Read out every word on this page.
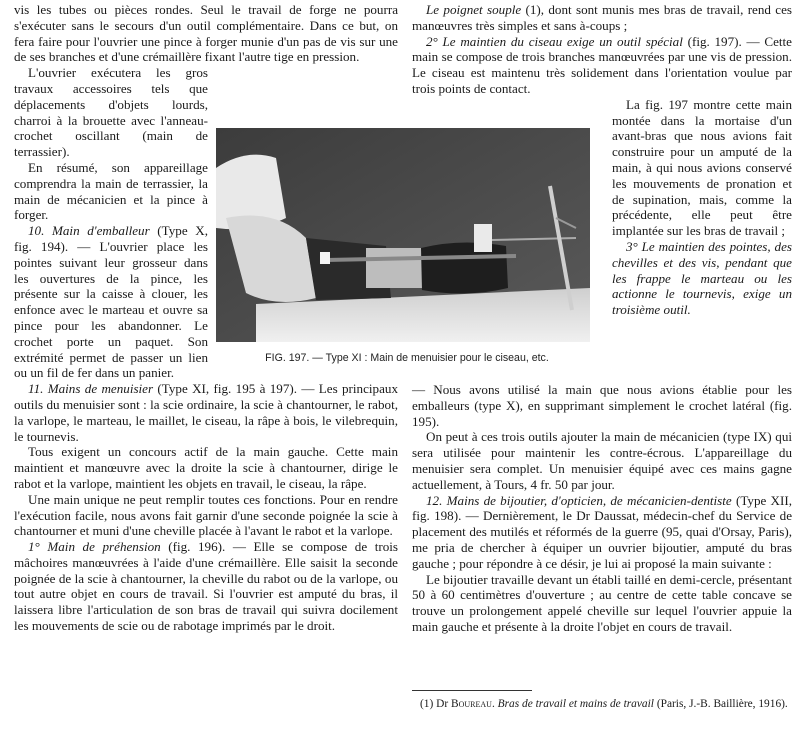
vis les tubes ou pièces rondes. Seul le travail de forge ne pourra s'exécuter sans le secours d'un outil complémentaire. Dans ce but, on fera faire pour l'ouvrier une pince à forger munie d'un pas de vis sur une de ses branches et d'une crémaillère fixant l'autre tige en pression.

L'ouvrier exécutera les gros travaux accessoires tels que déplacements d'objets lourds, charroi à la brouette avec l'anneau-crochet oscillant (main de terrassier).

En résumé, son appareillage comprendra la main de terrassier, la main de mécanicien et la pince à forger.

10. Main d'emballeur (Type X, fig. 194). — L'ouvrier place les pointes suivant leur grosseur dans les ouvertures de la pince, les présente sur la caisse à clouer, les enfonce avec le marteau et ouvre sa pince pour les abandonner. Le crochet porte un paquet. Son extrémité permet de passer un lien ou un fil de fer dans un panier.

11. Mains de menuisier (Type XI, fig. 195 à 197). — Les principaux outils du menuisier sont : la scie ordinaire, la scie à chantourner, le rabot, la varlope, le marteau, le maillet, le ciseau, la râpe à bois, le vilebrequin, le tournevis.

Tous exigent un concours actif de la main gauche. Cette main maintient et manœuvre avec la droite la scie à chantourner, dirige le rabot et la varlope, maintient les objets en travail, le ciseau, la râpe.

Une main unique ne peut remplir toutes ces fonctions. Pour en rendre l'exécution facile, nous avons fait garnir d'une seconde poignée la scie à chantourner et muni d'une cheville placée à l'avant le rabot et la varlope.

1° Main de préhension (fig. 196). — Elle se compose de trois mâchoires manœuvrées à l'aide d'une crémaillère. Elle saisit la seconde poignée de la scie à chantourner, la cheville du rabot ou de la varlope, ou tout autre objet en cours de travail. Si l'ouvrier est amputé du bras, il laissera libre l'articulation de son bras de travail qui suivra docilement les mouvements de scie ou de rabotage imprimés par le droit.

Le poignet souple (1), dont sont munis mes bras de travail, rend ces manœuvres très simples et sans à-coups ;

2° Le maintien du ciseau exige un outil spécial (fig. 197). — Cette main se compose de trois branches manœuvrées par une vis de pression. Le ciseau est maintenu très solidement dans l'orientation voulue par trois points de contact.

La fig. 197 montre cette main montée dans la mortaise d'un avant-bras que nous avions fait construire pour un amputé de la main, à qui nous avions conservé les mouvements de pronation et de supination, mais, comme la précédente, elle peut être implantée sur les bras de travail ;

3° Le maintien des pointes, des chevilles et des vis, pendant que les frappe le marteau ou les actionne le tournevis, exige un troisième outil.

— Nous avons utilisé la main que nous avions établie pour les emballeurs (type X), en supprimant simplement le crochet latéral (fig. 195).

On peut à ces trois outils ajouter la main de mécanicien (type IX) qui sera utilisée pour maintenir les contre-écrous. L'appareillage du menuisier sera complet. Un menuisier équipé avec ces mains gagne actuellement, à Tours, 4 fr. 50 par jour.

12. Mains de bijoutier, d'opticien, de mécanicien-dentiste (Type XII, fig. 198). — Dernièrement, le Dr Daussat, médecin-chef du Service de placement des mutilés et réformés de la guerre (95, quai d'Orsay, Paris), me pria de chercher à équiper un ouvrier bijoutier, amputé du bras gauche ; pour répondre à ce désir, je lui ai proposé la main suivante :

Le bijoutier travaille devant un établi taillé en demi-cercle, présentant 50 à 60 centimètres d'ouverture ; au centre de cette table concave se trouve un prolongement appelé cheville sur lequel l'ouvrier appuie la main gauche et présente à la droite l'objet en cours de travail.

FIG. 197. — Type XI : Main de menuisier pour le ciseau, etc.
(1) Dr Boureau. Bras de travail et mains de travail (Paris, J.-B. Baillière, 1916).
